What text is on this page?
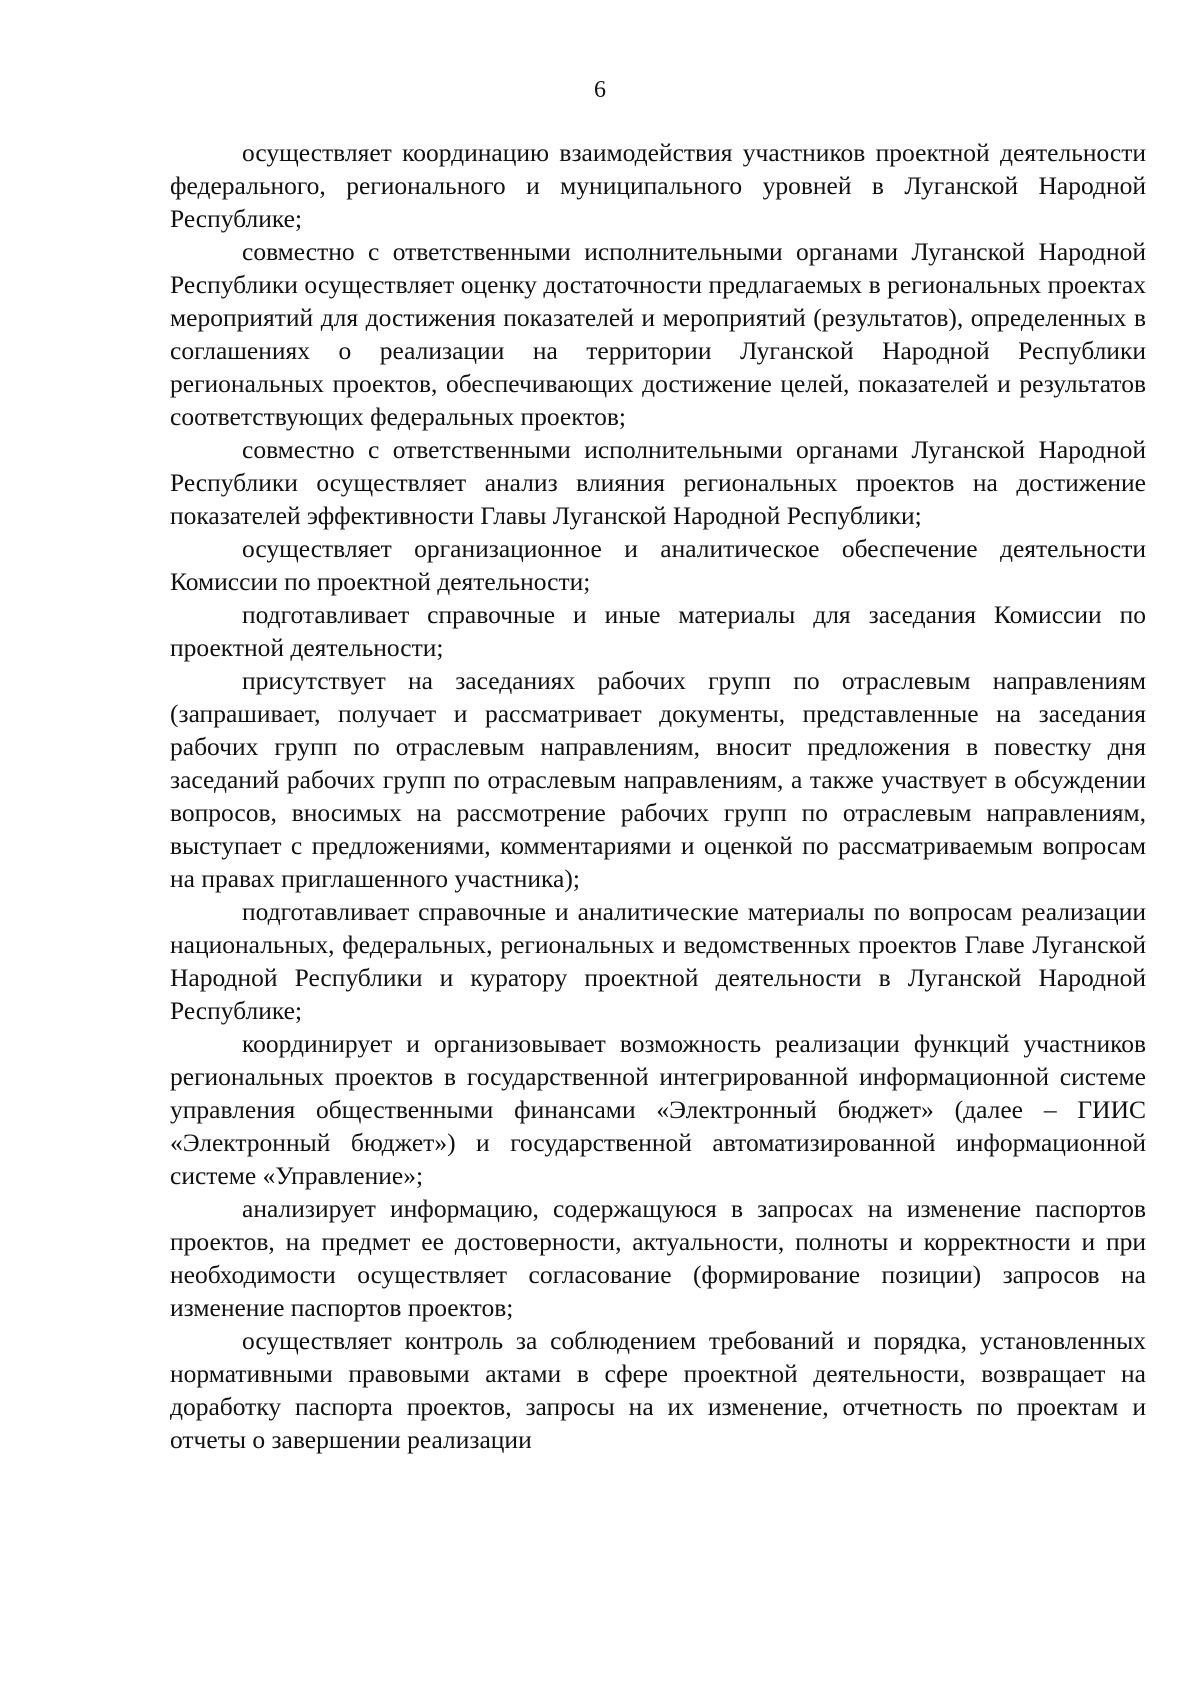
6

осуществляет координацию взаимодействия участников проектной деятельности федерального, регионального и муниципального уровней в Луганской Народной Республике;

совместно с ответственными исполнительными органами Луганской Народной Республики осуществляет оценку достаточности предлагаемых в региональных проектах мероприятий для достижения показателей и мероприятий (результатов), определенных в соглашениях о реализации на территории Луганской Народной Республики региональных проектов, обеспечивающих достижение целей, показателей и результатов соответствующих федеральных проектов;

совместно с ответственными исполнительными органами Луганской Народной Республики осуществляет анализ влияния региональных проектов на достижение показателей эффективности Главы Луганской Народной Республики;

осуществляет организационное и аналитическое обеспечение деятельности Комиссии по проектной деятельности;

подготавливает справочные и иные материалы для заседания Комиссии по проектной деятельности;

присутствует на заседаниях рабочих групп по отраслевым направлениям (запрашивает, получает и рассматривает документы, представленные на заседания рабочих групп по отраслевым направлениям, вносит предложения в повестку дня заседаний рабочих групп по отраслевым направлениям, а также участвует в обсуждении вопросов, вносимых на рассмотрение рабочих групп по отраслевым направлениям, выступает с предложениями, комментариями и оценкой по рассматриваемым вопросам на правах приглашенного участника);

подготавливает справочные и аналитические материалы по вопросам реализации национальных, федеральных, региональных и ведомственных проектов Главе Луганской Народной Республики и куратору проектной деятельности в Луганской Народной Республике;

координирует и организовывает возможность реализации функций участников региональных проектов в государственной интегрированной информационной системе управления общественными финансами «Электронный бюджет» (далее – ГИИС «Электронный бюджет») и государственной автоматизированной информационной системе «Управление»;

анализирует информацию, содержащуюся в запросах на изменение паспортов проектов, на предмет ее достоверности, актуальности, полноты и корректности и при необходимости осуществляет согласование (формирование позиции) запросов на изменение паспортов проектов;

осуществляет контроль за соблюдением требований и порядка, установленных нормативными правовыми актами в сфере проектной деятельности, возвращает на доработку паспорта проектов, запросы на их изменение, отчетность по проектам и отчеты о завершении реализации
